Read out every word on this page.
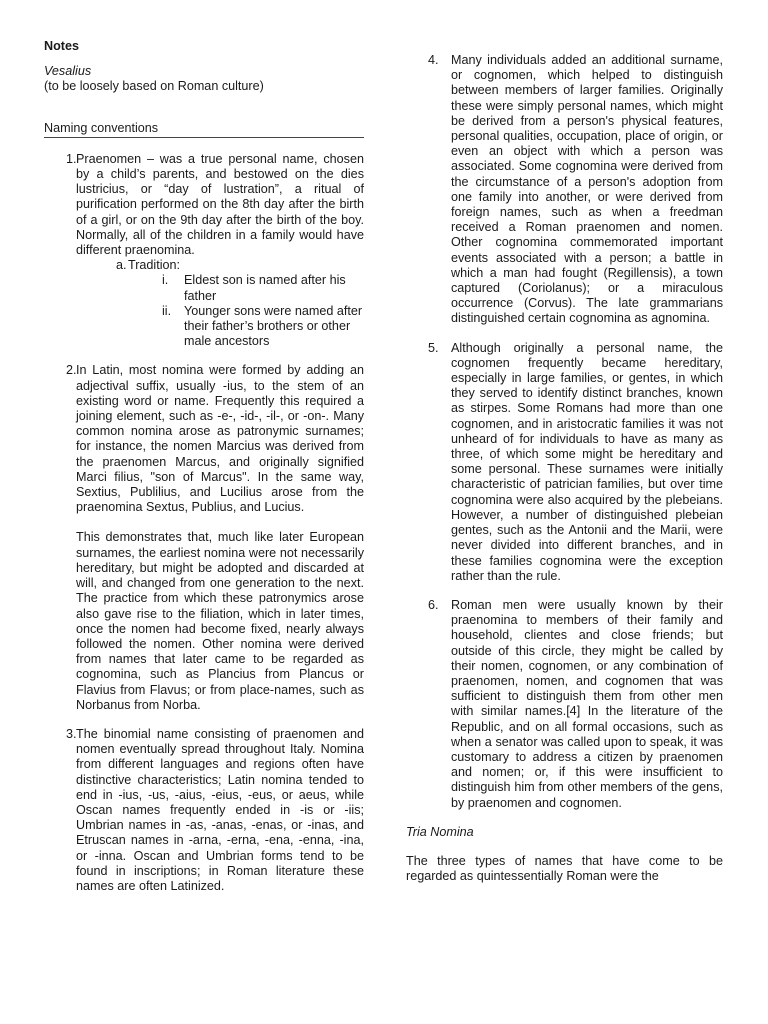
Notes

Vesalius

(to be loosely based on Roman culture)

Naming conventions
1. Praenomen – was a true personal name, chosen by a child’s parents, and bestowed on the dies lustricius, or “day of lustration”, a ritual of purification performed on the 8th day after the birth of a girl, or on the 9th day after the birth of the boy. Normally, all of the children in a family would have different praenomina.

a. Tradition:
i. Eldest son is named after his father
ii. Younger sons were named after their father’s brothers or other male ancestors
2. In Latin, most nomina were formed by adding an adjectival suffix, usually -ius, to the stem of an existing word or name. Frequently this required a joining element, such as -e-, -id-, -il-, or -on-. Many common nomina arose as patronymic surnames; for instance, the nomen Marcius was derived from the praenomen Marcus, and originally signified Marci filius, "son of Marcus". In the same way, Sextius, Publilius, and Lucilius arose from the praenomina Sextus, Publius, and Lucius.

This demonstrates that, much like later European surnames, the earliest nomina were not necessarily hereditary, but might be adopted and discarded at will, and changed from one generation to the next. The practice from which these patronymics arose also gave rise to the filiation, which in later times, once the nomen had become fixed, nearly always followed the nomen. Other nomina were derived from names that later came to be regarded as cognomina, such as Plancius from Plancus or Flavius from Flavus; or from place-names, such as Norbanus from Norba.

3. The binomial name consisting of praenomen and nomen eventually spread throughout Italy. Nomina from different languages and regions often have distinctive characteristics; Latin nomina tended to end in -ius, -us, -aius, -eius, -eus, or aeus, while Oscan names frequently ended in -is or -iis; Umbrian names in -as, -anas, -enas, or -inas, and Etruscan names in -arna, -erna, -ena, -enna, -ina, or -inna. Oscan and Umbrian forms tend to be found in inscriptions; in Roman literature these names are often Latinized.

4. Many individuals added an additional surname, or cognomen, which helped to distinguish between members of larger families. Originally these were simply personal names, which might be derived from a person's physical features, personal qualities, occupation, place of origin, or even an object with which a person was associated. Some cognomina were derived from the circumstance of a person's adoption from one family into another, or were derived from foreign names, such as when a freedman received a Roman praenomen and nomen. Other cognomina commemorated important events associated with a person; a battle in which a man had fought (Regillensis), a town captured (Coriolanus); or a miraculous occurrence (Corvus). The late grammarians distinguished certain cognomina as agnomina.

5. Although originally a personal name, the cognomen frequently became hereditary, especially in large families, or gentes, in which they served to identify distinct branches, known as stirpes. Some Romans had more than one cognomen, and in aristocratic families it was not unheard of for individuals to have as many as three, of which some might be hereditary and some personal. These surnames were initially characteristic of patrician families, but over time cognomina were also acquired by the plebeians. However, a number of distinguished plebeian gentes, such as the Antonii and the Marii, were never divided into different branches, and in these families cognomina were the exception rather than the rule.

6. Roman men were usually known by their praenomina to members of their family and household, clientes and close friends; but outside of this circle, they might be called by their nomen, cognomen, or any combination of praenomen, nomen, and cognomen that was sufficient to distinguish them from other men with similar names.[4] In the literature of the Republic, and on all formal occasions, such as when a senator was called upon to speak, it was customary to address a citizen by praenomen and nomen; or, if this were insufficient to distinguish him from other members of the gens, by praenomen and cognomen.

Tria Nomina

The three types of names that have come to be regarded as quintessentially Roman were the
